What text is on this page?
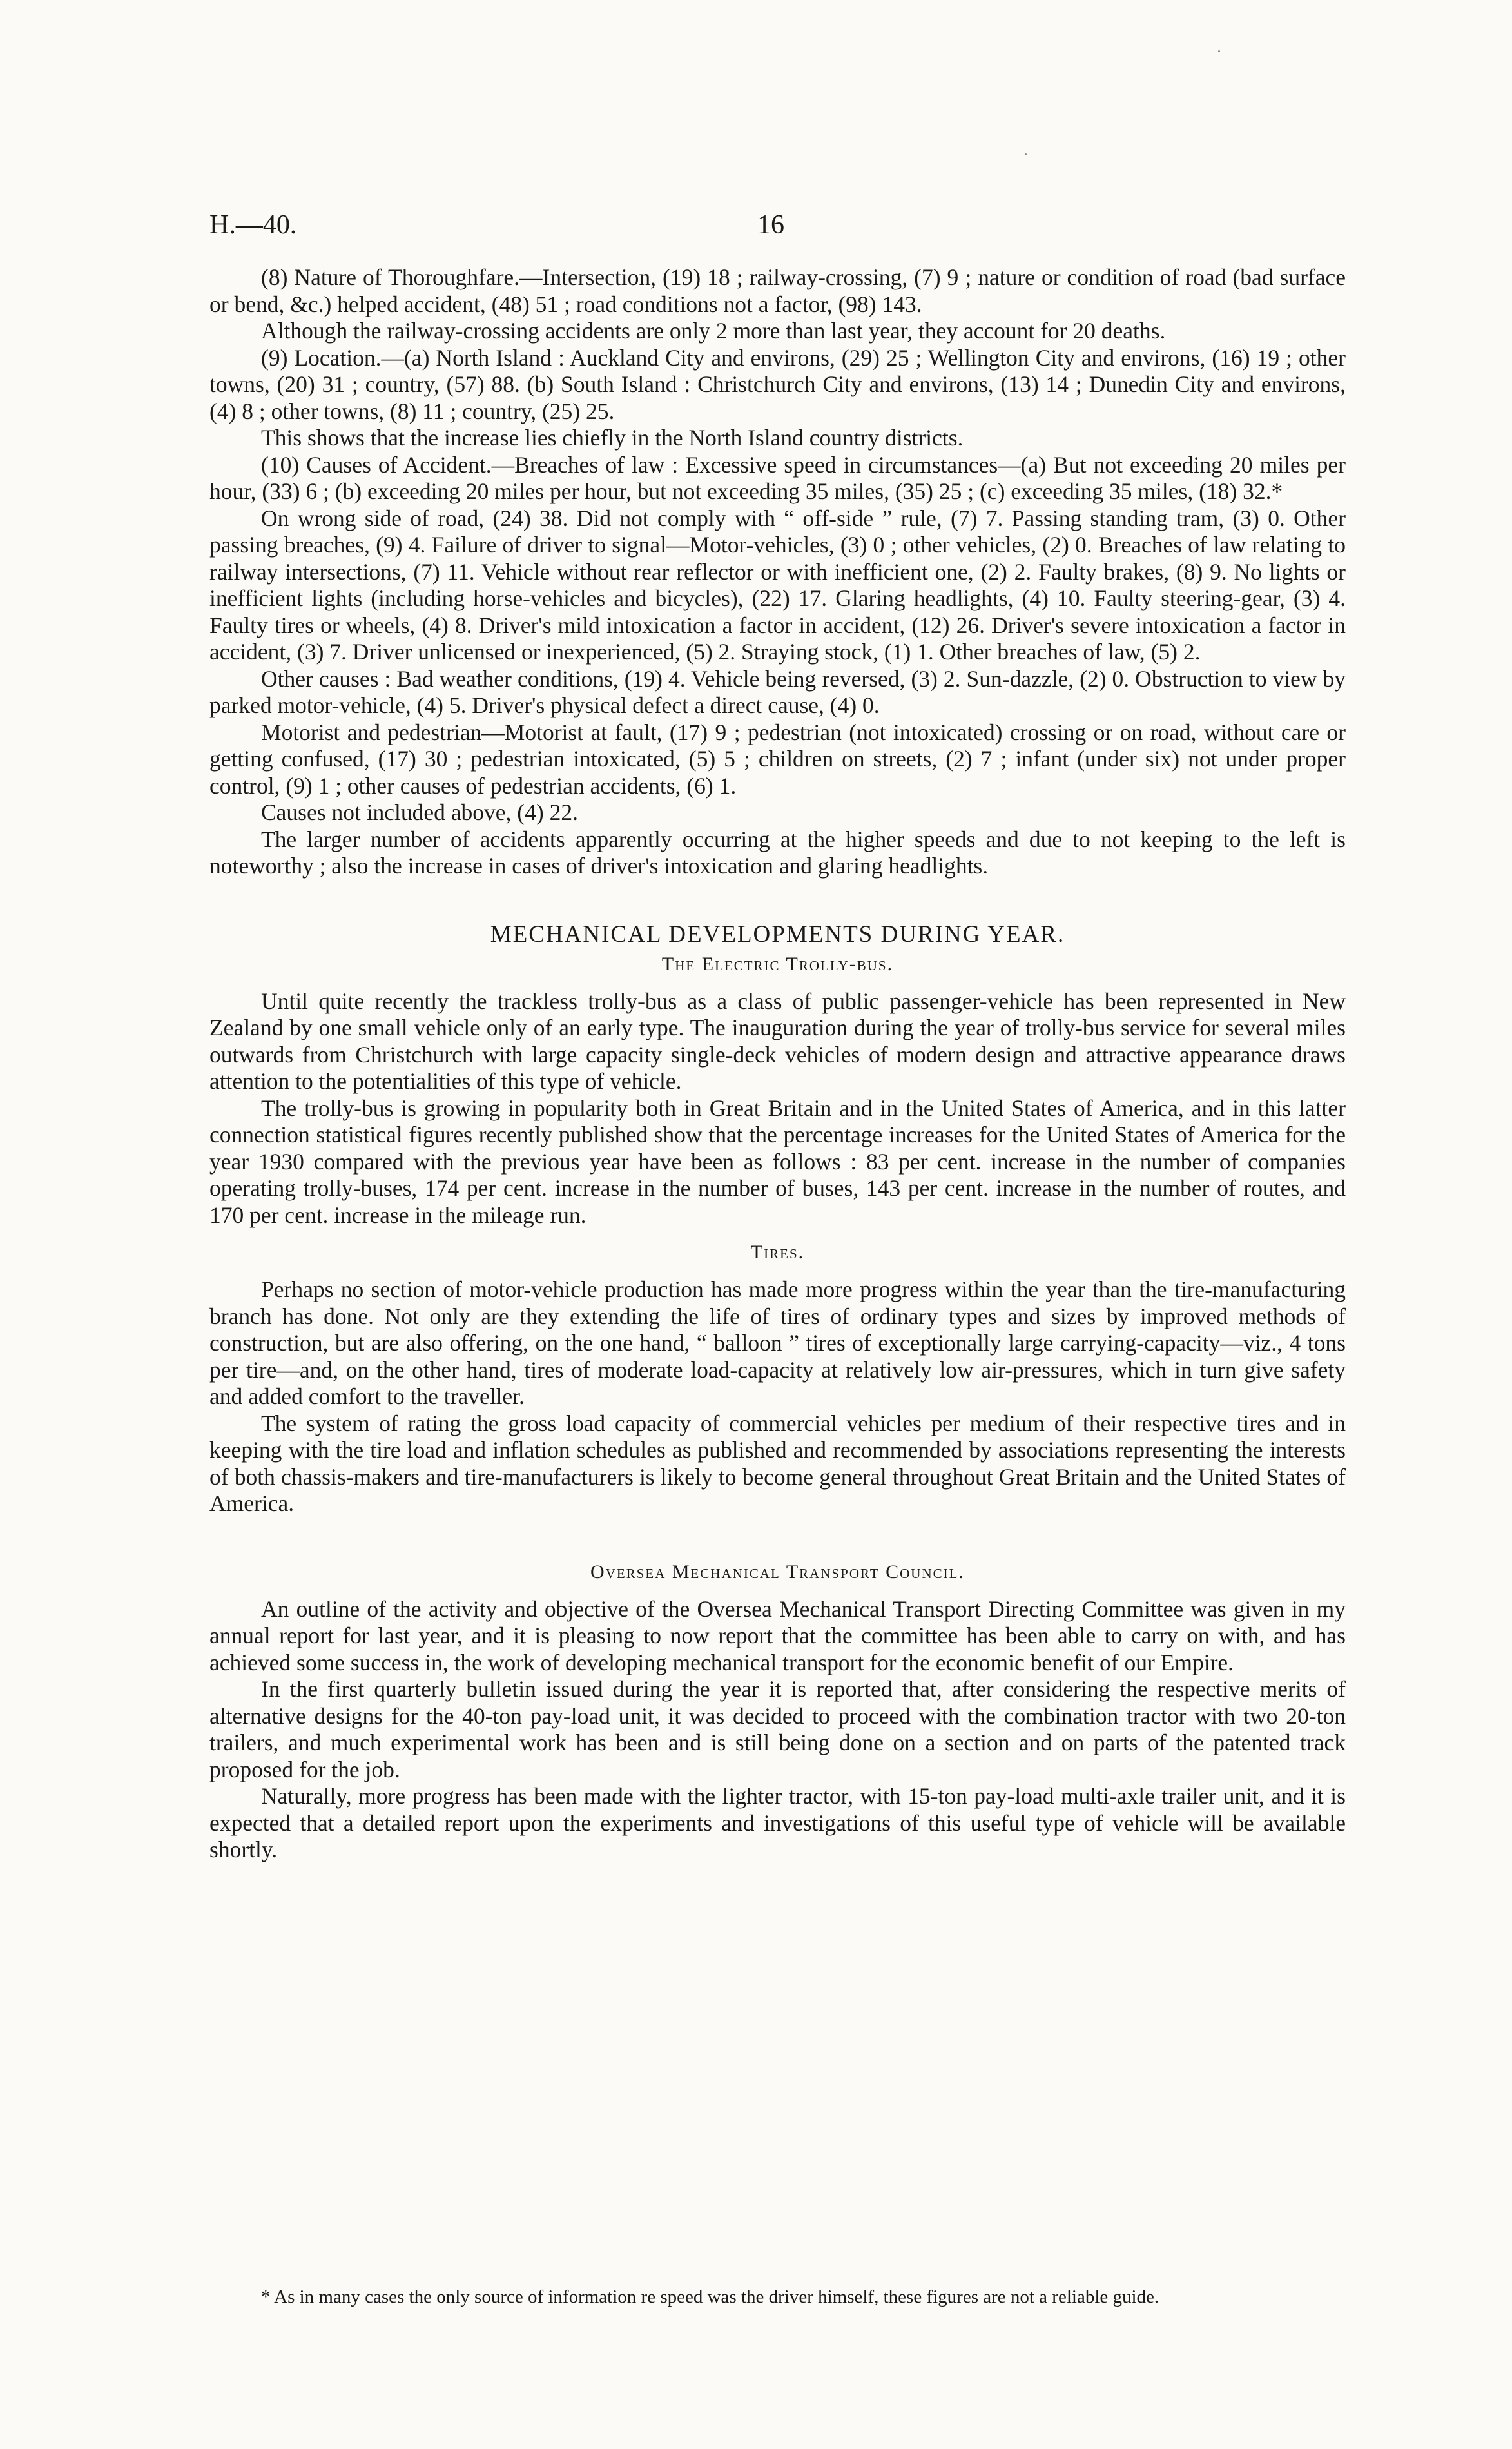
H.—40.	16

(8) Nature of Thoroughfare.—Intersection, (19) 18 ; railway-crossing, (7) 9 ; nature or condition of road (bad surface or bend, &c.) helped accident, (48) 51 ; road conditions not a factor, (98) 143.

Although the railway-crossing accidents are only 2 more than last year, they account for 20 deaths.

(9) Location.—(a) North Island : Auckland City and environs, (29) 25 ; Wellington City and environs, (16) 19 ; other towns, (20) 31 ; country, (57) 88. (b) South Island : Christchurch City and environs, (13) 14 ; Dunedin City and environs, (4) 8 ; other towns, (8) 11 ; country, (25) 25.

This shows that the increase lies chiefly in the North Island country districts.

(10) Causes of Accident.—Breaches of law : Excessive speed in circumstances—(a) But not exceeding 20 miles per hour, (33) 6 ; (b) exceeding 20 miles per hour, but not exceeding 35 miles, (35) 25 ; (c) exceeding 35 miles, (18) 32.*

On wrong side of road, (24) 38. Did not comply with “ off-side ” rule, (7) 7. Passing standing tram, (3) 0. Other passing breaches, (9) 4. Failure of driver to signal—Motor-vehicles, (3) 0 ; other vehicles, (2) 0. Breaches of law relating to railway intersections, (7) 11. Vehicle without rear reflector or with inefficient one, (2) 2. Faulty brakes, (8) 9. No lights or inefficient lights (including horse-vehicles and bicycles), (22) 17. Glaring headlights, (4) 10. Faulty steering-gear, (3) 4. Faulty tires or wheels, (4) 8. Driver's mild intoxication a factor in accident, (12) 26. Driver's severe intoxication a factor in accident, (3) 7. Driver unlicensed or inexperienced, (5) 2. Straying stock, (1) 1. Other breaches of law, (5) 2.

Other causes : Bad weather conditions, (19) 4. Vehicle being reversed, (3) 2. Sun-dazzle, (2) 0. Obstruction to view by parked motor-vehicle, (4) 5. Driver's physical defect a direct cause, (4) 0.

Motorist and pedestrian—Motorist at fault, (17) 9 ; pedestrian (not intoxicated) crossing or on road, without care or getting confused, (17) 30 ; pedestrian intoxicated, (5) 5 ; children on streets, (2) 7 ; infant (under six) not under proper control, (9) 1 ; other causes of pedestrian accidents, (6) 1.

Causes not included above, (4) 22.

The larger number of accidents apparently occurring at the higher speeds and due to not keeping to the left is noteworthy ; also the increase in cases of driver's intoxication and glaring headlights.

MECHANICAL DEVELOPMENTS DURING YEAR.
The Electric Trolly-bus.

Until quite recently the trackless trolly-bus as a class of public passenger-vehicle has been represented in New Zealand by one small vehicle only of an early type. The inauguration during the year of trolly-bus service for several miles outwards from Christchurch with large capacity single-deck vehicles of modern design and attractive appearance draws attention to the potentialities of this type of vehicle.

The trolly-bus is growing in popularity both in Great Britain and in the United States of America, and in this latter connection statistical figures recently published show that the percentage increases for the United States of America for the year 1930 compared with the previous year have been as follows : 83 per cent. increase in the number of companies operating trolly-buses, 174 per cent. increase in the number of buses, 143 per cent. increase in the number of routes, and 170 per cent. increase in the mileage run.

Tires.

Perhaps no section of motor-vehicle production has made more progress within the year than the tire-manufacturing branch has done. Not only are they extending the life of tires of ordinary types and sizes by improved methods of construction, but are also offering, on the one hand, “ balloon ” tires of exceptionally large carrying-capacity—viz., 4 tons per tire—and, on the other hand, tires of moderate load-capacity at relatively low air-pressures, which in turn give safety and added comfort to the traveller.

The system of rating the gross load capacity of commercial vehicles per medium of their respective tires and in keeping with the tire load and inflation schedules as published and recommended by associations representing the interests of both chassis-makers and tire-manufacturers is likely to become general throughout Great Britain and the United States of America.

Oversea Mechanical Transport Council.

An outline of the activity and objective of the Oversea Mechanical Transport Directing Committee was given in my annual report for last year, and it is pleasing to now report that the committee has been able to carry on with, and has achieved some success in, the work of developing mechanical transport for the economic benefit of our Empire.

In the first quarterly bulletin issued during the year it is reported that, after considering the respective merits of alternative designs for the 40-ton pay-load unit, it was decided to proceed with the combination tractor with two 20-ton trailers, and much experimental work has been and is still being done on a section and on parts of the patented track proposed for the job.

Naturally, more progress has been made with the lighter tractor, with 15-ton pay-load multi-axle trailer unit, and it is expected that a detailed report upon the experiments and investigations of this useful type of vehicle will be available shortly.

* As in many cases the only source of information re speed was the driver himself, these figures are not a reliable guide.
